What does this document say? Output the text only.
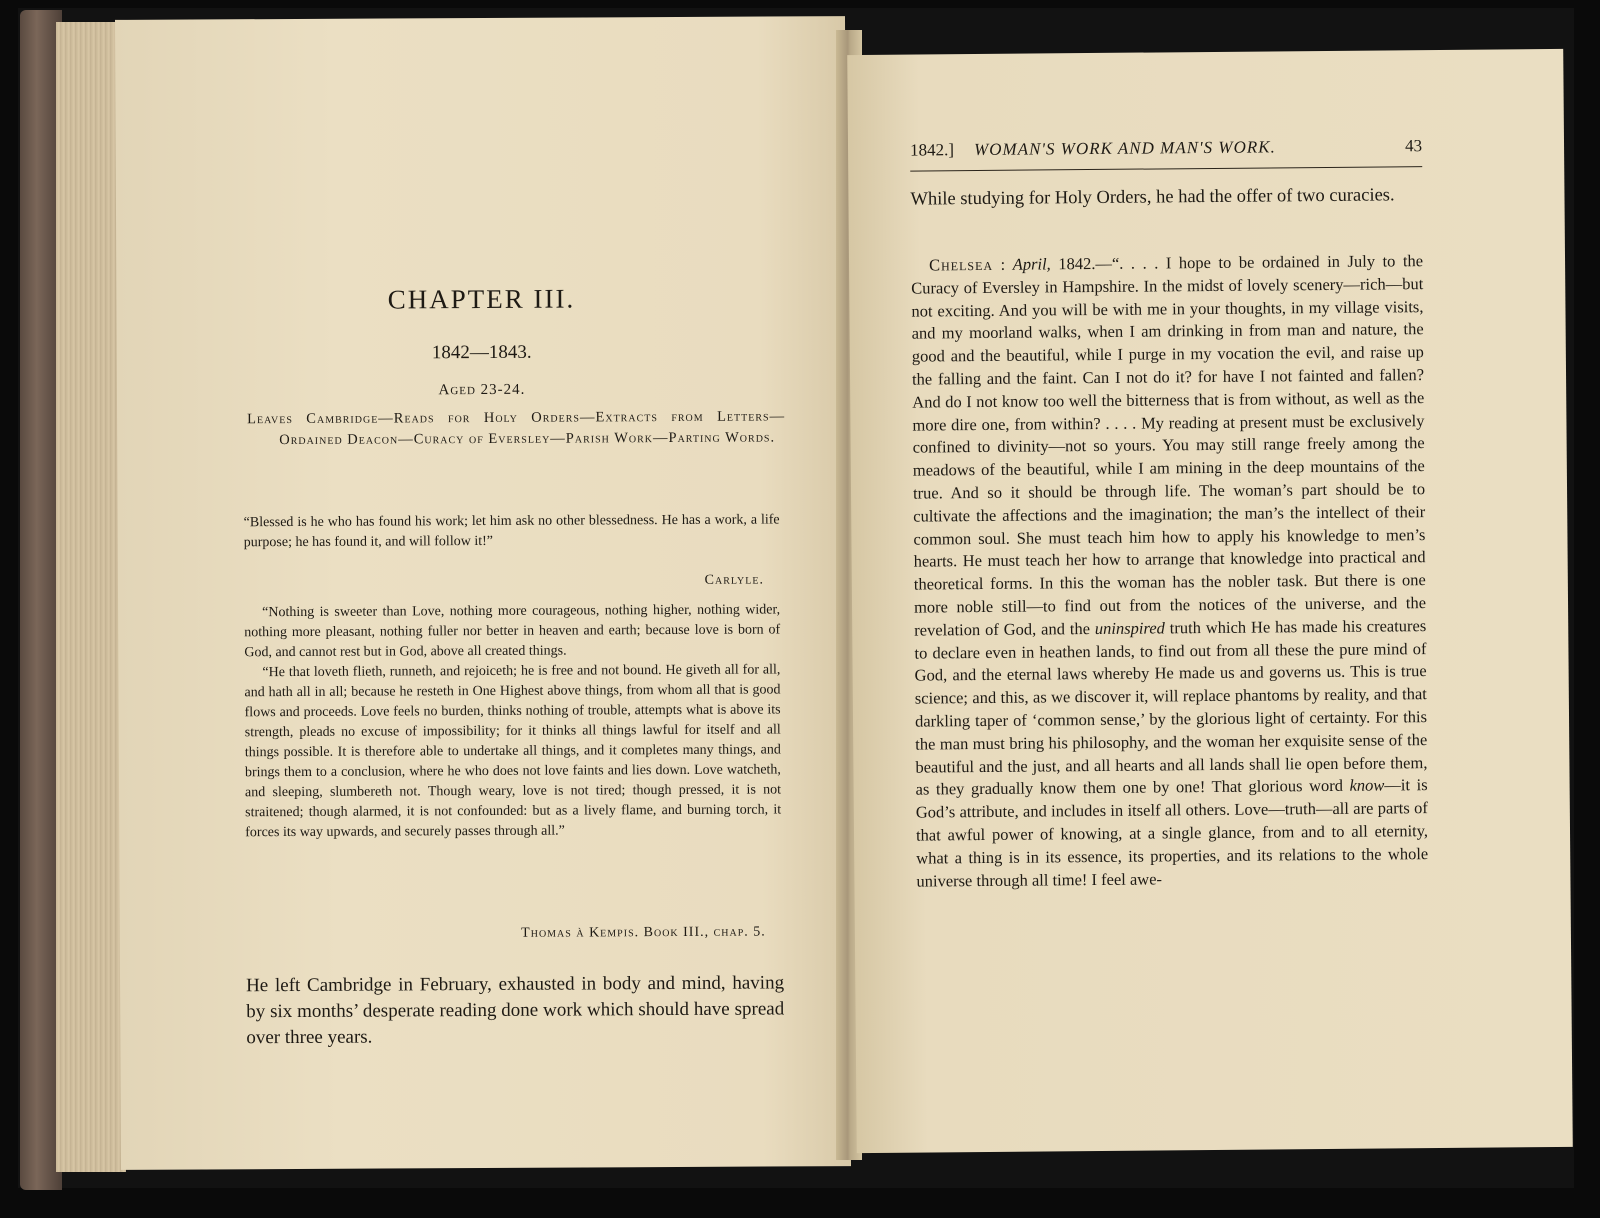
CHAPTER III.
1842—1843.
Aged 23-24.
Leaves Cambridge—Reads for Holy Orders—Extracts from Letters—Ordained Deacon—Curacy of Eversley—Parish Work—Parting Words.
“Blessed is he who has found his work; let him ask no other blessedness. He has a work, a life purpose; he has found it, and will follow it!”
Carlyle.
“Nothing is sweeter than Love, nothing more courageous, nothing higher, nothing wider, nothing more pleasant, nothing fuller nor better in heaven and earth; because love is born of God, and cannot rest but in God, above all created things.
“He that loveth flieth, runneth, and rejoiceth; he is free and not bound. He giveth all for all, and hath all in all; because he resteth in One Highest above things, from whom all that is good flows and proceeds. Love feels no burden, thinks nothing of trouble, attempts what is above its strength, pleads no excuse of impossibility; for it thinks all things lawful for itself and all things possible. It is therefore able to undertake all things, and it completes many things, and brings them to a conclusion, where he who does not love faints and lies down. Love watcheth, and sleeping, slumbereth not. Though weary, love is not tired; though pressed, it is not straitened; though alarmed, it is not confounded: but as a lively flame, and burning torch, it forces its way upwards, and securely passes through all.”
Thomas à Kempis. Book III., chap. 5.
He left Cambridge in February, exhausted in body and mind, having by six months’ desperate reading done work which should have spread over three years.
1842.] WOMAN'S WORK AND MAN'S WORK.	43
While studying for Holy Orders, he had the offer of two curacies.
Chelsea : April, 1842.—“. . . . I hope to be ordained in July to the Curacy of Eversley in Hampshire. In the midst of lovely scenery—rich—but not exciting. And you will be with me in your thoughts, in my village visits, and my moorland walks, when I am drinking in from man and nature, the good and the beautiful, while I purge in my vocation the evil, and raise up the falling and the faint. Can I not do it? for have I not fainted and fallen? And do I not know too well the bitterness that is from without, as well as the more dire one, from within? . . . . My reading at present must be exclusively confined to divinity—not so yours. You may still range freely among the meadows of the beautiful, while I am mining in the deep mountains of the true. And so it should be through life. The woman’s part should be to cultivate the affections and the imagination; the man’s the intellect of their common soul. She must teach him how to apply his knowledge to men’s hearts. He must teach her how to arrange that knowledge into practical and theoretical forms. In this the woman has the nobler task. But there is one more noble still—to find out from the notices of the universe, and the revelation of God, and the uninspired truth which He has made his creatures to declare even in heathen lands, to find out from all these the pure mind of God, and the eternal laws whereby He made us and governs us. This is true science; and this, as we discover it, will replace phantoms by reality, and that darkling taper of ‘common sense,’ by the glorious light of certainty. For this the man must bring his philosophy, and the woman her exquisite sense of the beautiful and the just, and all hearts and all lands shall lie open before them, as they gradually know them one by one! That glorious word know—it is God’s attribute, and includes in itself all others. Love—truth—all are parts of that awful power of knowing, at a single glance, from and to all eternity, what a thing is in its essence, its properties, and its relations to the whole universe through all time! I feel awe-
